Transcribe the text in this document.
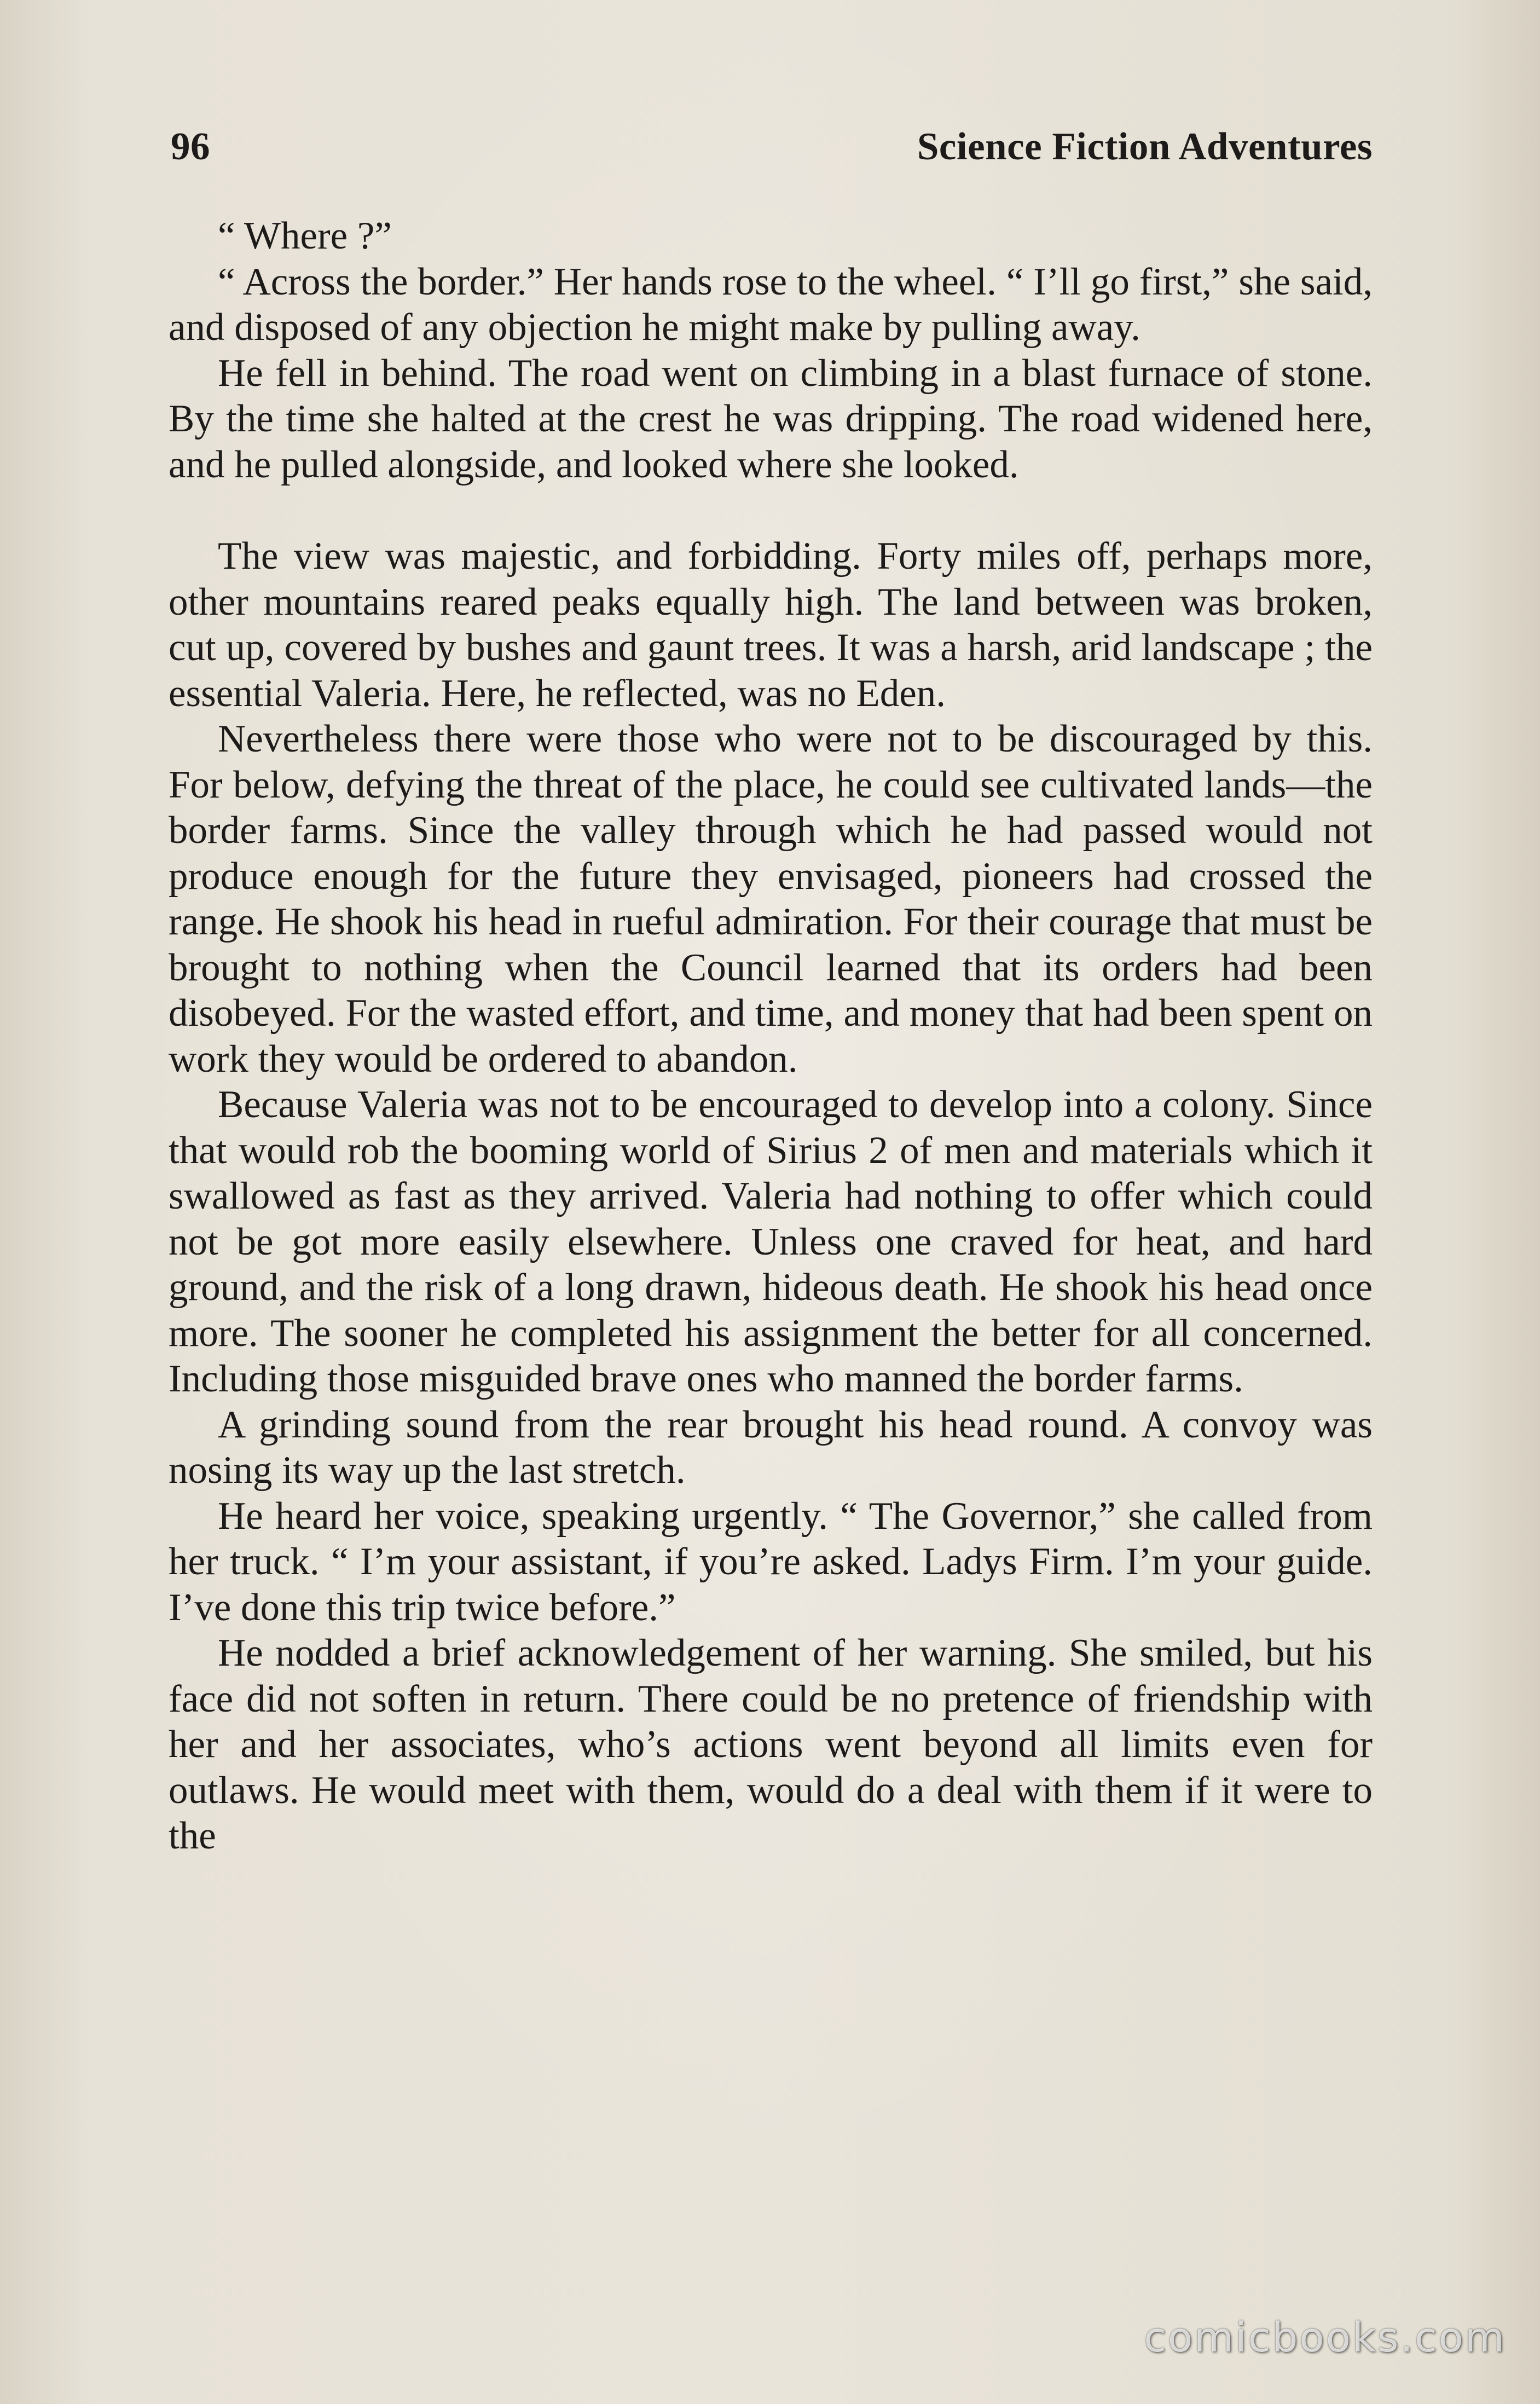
96	Science Fiction Adventures

“ Where ?”

“ Across the border.” Her hands rose to the wheel. “ I’ll go first,” she said, and disposed of any objection he might make by pulling away.

He fell in behind. The road went on climbing in a blast furnace of stone. By the time she halted at the crest he was dripping. The road widened here, and he pulled alongside, and looked where she looked.

The view was majestic, and forbidding. Forty miles off, perhaps more, other mountains reared peaks equally high. The land between was broken, cut up, covered by bushes and gaunt trees. It was a harsh, arid landscape ; the essential Valeria. Here, he reflected, was no Eden.

Nevertheless there were those who were not to be discouraged by this. For below, defying the threat of the place, he could see cultivated lands—the border farms. Since the valley through which he had passed would not produce enough for the future they envisaged, pioneers had crossed the range. He shook his head in rueful admiration. For their courage that must be brought to nothing when the Council learned that its orders had been disobeyed. For the wasted effort, and time, and money that had been spent on work they would be ordered to abandon.

Because Valeria was not to be encouraged to develop into a colony. Since that would rob the booming world of Sirius 2 of men and materials which it swallowed as fast as they arrived. Valeria had nothing to offer which could not be got more easily elsewhere. Unless one craved for heat, and hard ground, and the risk of a long drawn, hideous death. He shook his head once more. The sooner he completed his assignment the better for all concerned. Including those misguided brave ones who manned the border farms.

A grinding sound from the rear brought his head round. A convoy was nosing its way up the last stretch.

He heard her voice, speaking urgently. “ The Governor,” she called from her truck. “ I’m your assistant, if you’re asked. Ladys Firm. I’m your guide. I’ve done this trip twice before.”

He nodded a brief acknowledgement of her warning. She smiled, but his face did not soften in return. There could be no pretence of friendship with her and her associates, who’s actions went beyond all limits even for outlaws. He would meet with them, would do a deal with them if it were to the

comicbooks.com
